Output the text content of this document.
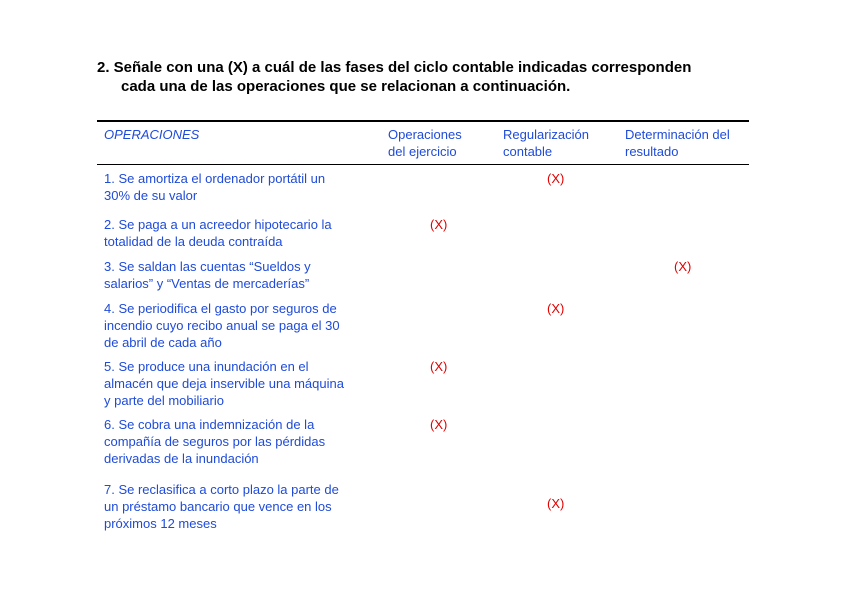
2. Señale con una (X) a cuál de las fases del ciclo contable indicadas corresponden
cada una de las operaciones que se relacionan a continuación.
OPERACIONES	Operaciones
del ejercicio
Regularización
contable
Determinación del
resultado
1. Se amortiza el ordenador portátil un
30% de su valor
(X)
2. Se paga a un acreedor hipotecario la
totalidad de la deuda contraída
(X)
3. Se saldan las cuentas “Sueldos y
salarios” y “Ventas de mercaderías”
(X)
4. Se periodifica el gasto por seguros de
incendio cuyo recibo anual se paga el 30
de abril de cada año
(X)
5. Se produce una inundación en el
almacén que deja inservible una máquina
y parte del mobiliario
(X)
6. Se cobra una indemnización de la
compañía de seguros por las pérdidas
derivadas de la inundación
(X)
7. Se reclasifica a corto plazo la parte de
un préstamo bancario que vence en los
próximos 12 meses
(X)
